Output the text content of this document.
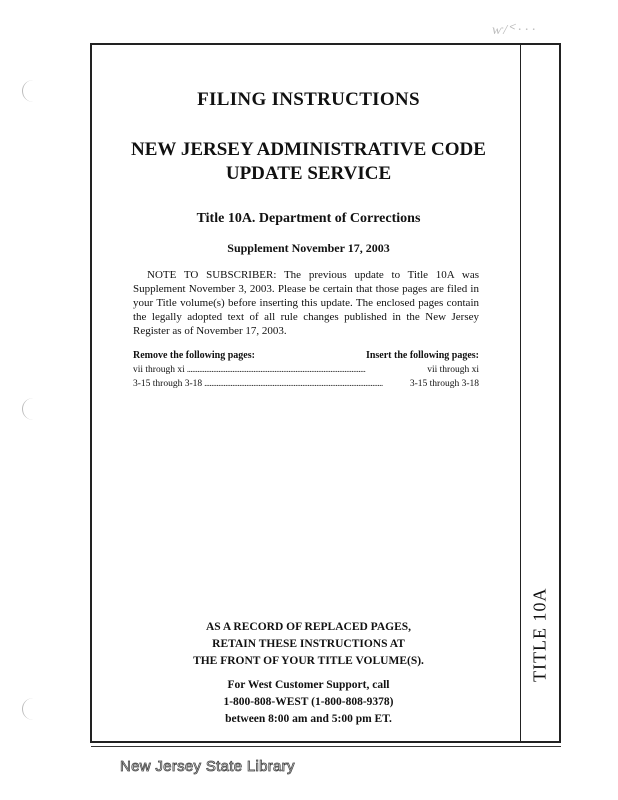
ⱳ/ᑉ · · ·
FILING INSTRUCTIONS
NEW JERSEY ADMINISTRATIVE CODE
UPDATE SERVICE
Title 10A. Department of Corrections
Supplement November 17, 2003
NOTE TO SUBSCRIBER: The previous update to Title 10A was Supplement November 3, 2003. Please be certain that those pages are filed in your Title volume(s) before inserting this update. The enclosed pages contain the legally adopted text of all rule changes published in the New Jersey Register as of November 17, 2003.
Remove the following pages:	Insert the following pages:
vii through xi . . .	vii through xi
3-15 through 3-18 . . .	3-15 through 3-18
AS A RECORD OF REPLACED PAGES,
RETAIN THESE INSTRUCTIONS AT
THE FRONT OF YOUR TITLE VOLUME(S).
For West Customer Support, call
1-800-808-WEST (1-800-808-9378)
between 8:00 am and 5:00 pm ET.
TITLE 10A
New Jersey State Library
